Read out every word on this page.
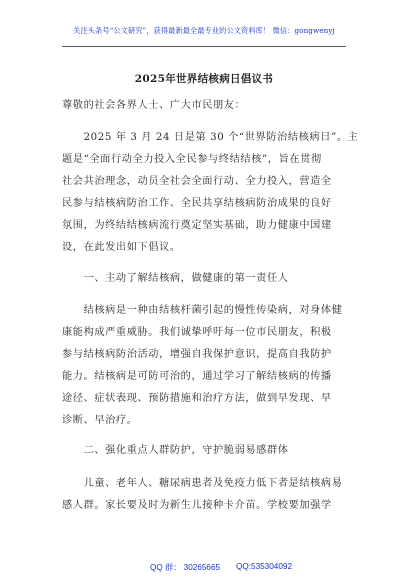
关注头条号“公文研究”，获得最新最全最专业的公文资料库！ 微信：gongwenyj
2025年世界结核病日倡议书
尊敬的社会各界人士、广大市民朋友：
　　2025 年 3 月 24 日是第 30 个“世界防治结核病日”。主
题是“全面行动全力投入全民参与终结结核”，旨在贯彻
社会共治理念，动员全社会全面行动、全力投入，营造全
民参与结核病防治工作、全民共享结核病防治成果的良好
氛围，为终结结核病流行奠定坚实基础，助力健康中国建
设，在此发出如下倡议。
　　一、主动了解结核病，做健康的第一责任人
　　结核病是一种由结核杆菌引起的慢性传染病，对身体健
康能构成严重威胁。我们诚挚呼吁每一位市民朋友，积极
参与结核病防治活动，增强自我保护意识，提高自我防护
能力。结核病是可防可治的，通过学习了解结核病的传播
途径、症状表现、预防措施和治疗方法，做到早发现、早
诊断、早治疗。
　　二、强化重点人群防护，守护脆弱易感群体
　　儿童、老年人、糖尿病患者及免疫力低下者是结核病易
感人群。家长要及时为新生儿接种卡介苗。学校要加强学
QQ 群： 30265665 QQ:535304092
